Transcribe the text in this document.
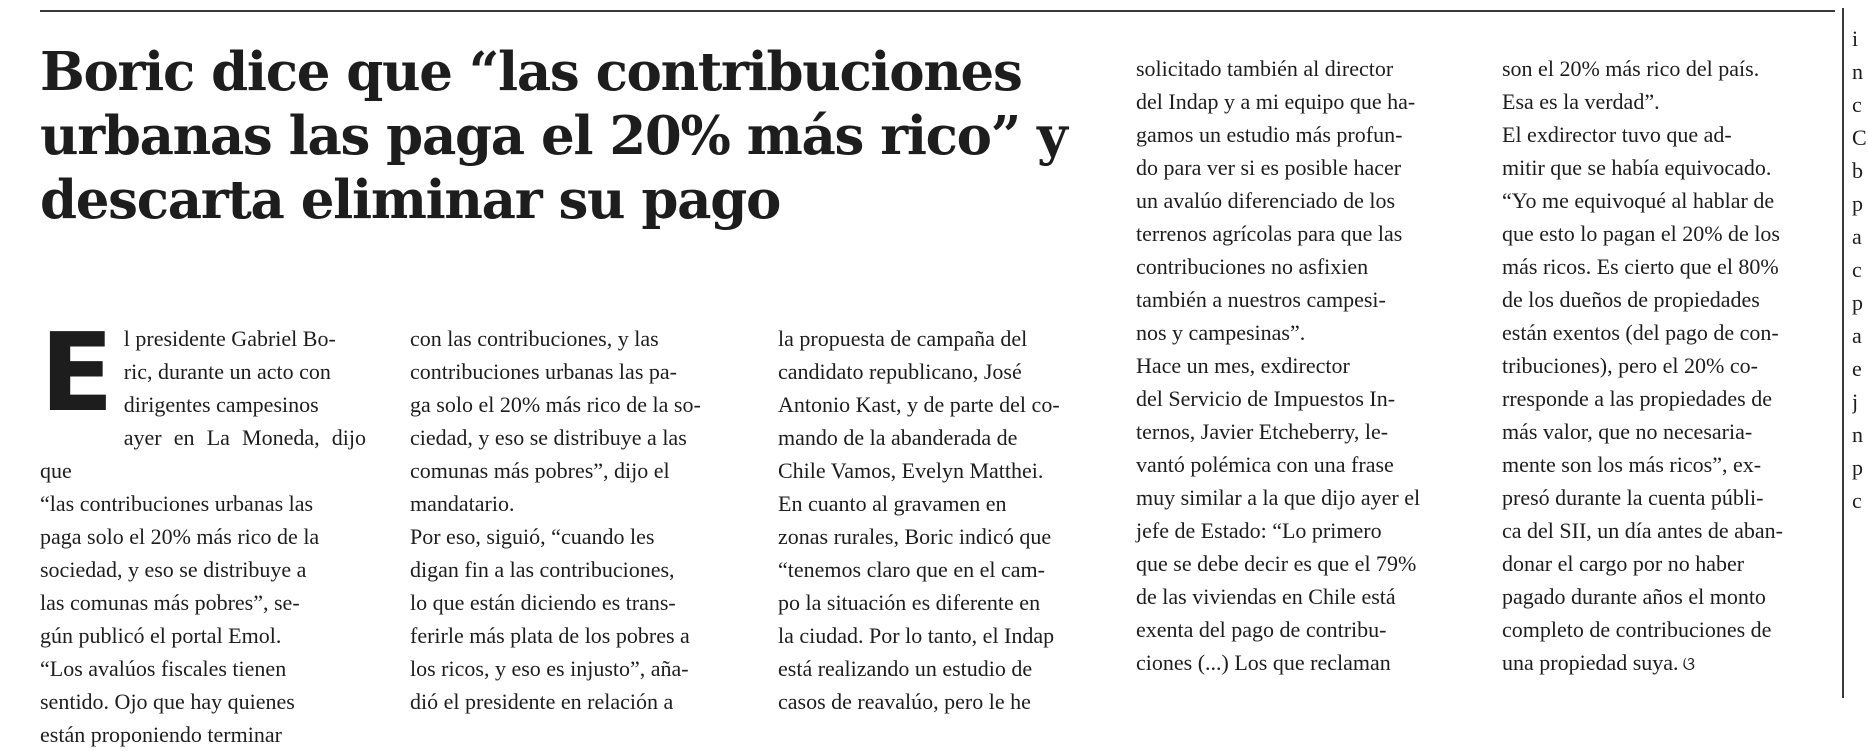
Boric dice que “las contribuciones urbanas las paga el 20% más rico” y descarta eliminar su pago
El presidente Gabriel Bo-
ric, durante un acto con
dirigentes campesinos
ayer en La Moneda, dijo que
“las contribuciones urbanas las
paga solo el 20% más rico de la
sociedad, y eso se distribuye a
las comunas más pobres”, se-
gún publicó el portal Emol.
“Los avalúos fiscales tienen
sentido. Ojo que hay quienes
están proponiendo terminar
con las contribuciones, y las
contribuciones urbanas las pa-
ga solo el 20% más rico de la so-
ciedad, y eso se distribuye a las
comunas más pobres”, dijo el
mandatario.
Por eso, siguió, “cuando les
digan fin a las contribuciones,
lo que están diciendo es trans-
ferirle más plata de los pobres a
los ricos, y eso es injusto”, aña-
dió el presidente en relación a
la propuesta de campaña del
candidato republicano, José
Antonio Kast, y de parte del co-
mando de la abanderada de
Chile Vamos, Evelyn Matthei.
En cuanto al gravamen en
zonas rurales, Boric indicó que
“tenemos claro que en el cam-
po la situación es diferente en
la ciudad. Por lo tanto, el Indap
está realizando un estudio de
casos de reavalúo, pero le he
solicitado también al director
del Indap y a mi equipo que ha-
gamos un estudio más profun-
do para ver si es posible hacer
un avalúo diferenciado de los
terrenos agrícolas para que las
contribuciones no asfixien
también a nuestros campesi-
nos y campesinas”.
Hace un mes, exdirector
del Servicio de Impuestos In-
ternos, Javier Etcheberry, le-
vantó polémica con una frase
muy similar a la que dijo ayer el
jefe de Estado: “Lo primero
que se debe decir es que el 79%
de las viviendas en Chile está
exenta del pago de contribu-
ciones (...) Los que reclaman
son el 20% más rico del país.
Esa es la verdad”.
El exdirector tuvo que ad-
mitir que se había equivocado.
“Yo me equivoqué al hablar de
que esto lo pagan el 20% de los
más ricos. Es cierto que el 80%
de los dueños de propiedades
están exentos (del pago de con-
tribuciones), pero el 20% co-
rresponde a las propiedades de
más valor, que no necesaria-
mente son los más ricos”, ex-
presó durante la cuenta públi-
ca del SII, un día antes de aban-
donar el cargo por no haber
pagado durante años el monto
completo de contribuciones de
una propiedad suya. ଓ
i
n
c
C
b
p
a
c
p
a
e
j
n
p
c
